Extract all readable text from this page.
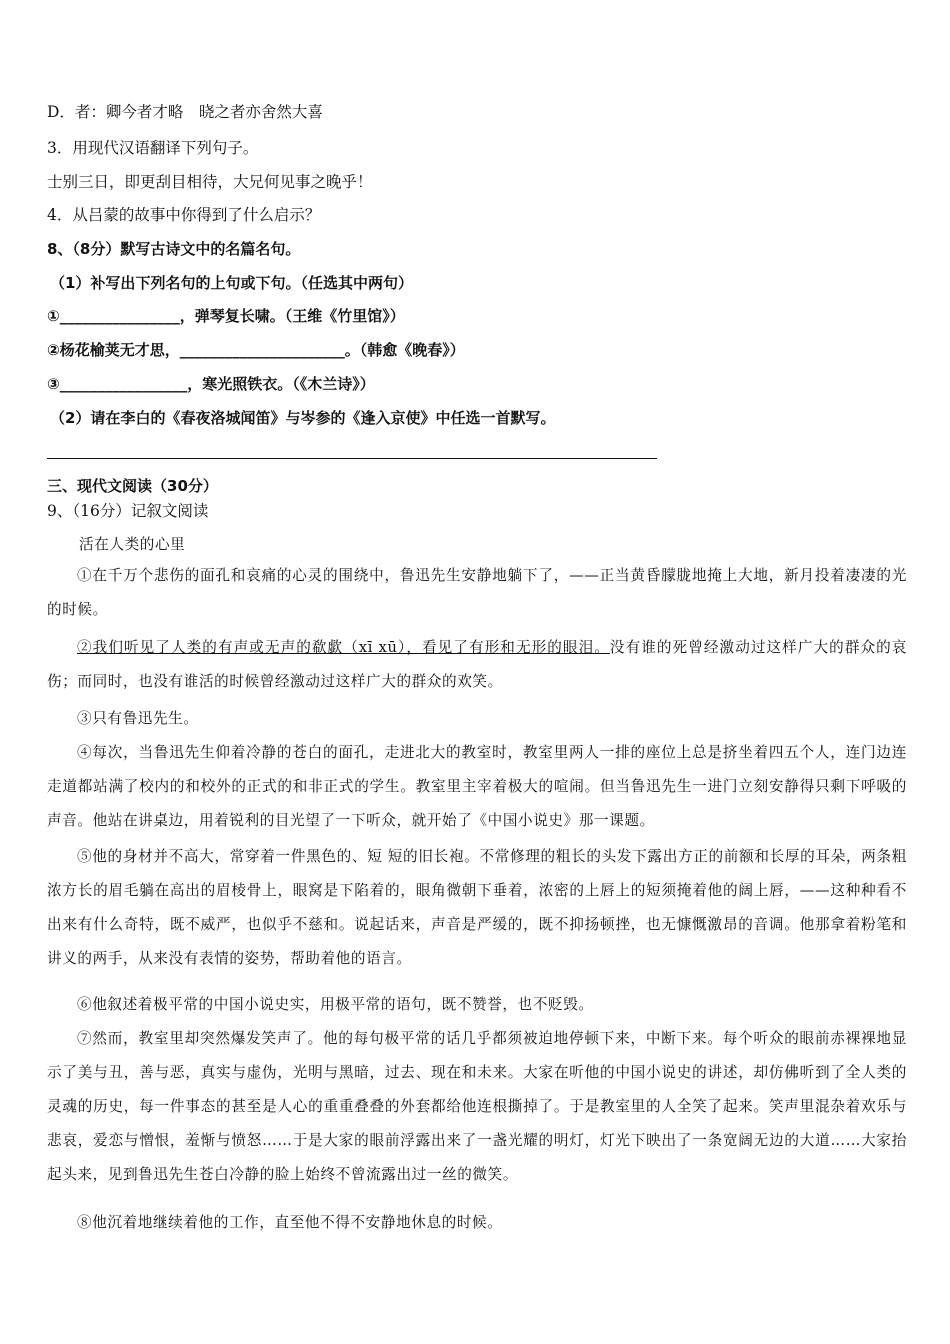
D．者：卿今者才略　晓之者亦舍然大喜
3．用现代汉语翻译下列句子。
士别三日，即更刮目相待，大兄何见事之晚乎！
4．从吕蒙的故事中你得到了什么启示？
8、（8分）默写古诗文中的名篇名句。
（1）补写出下列名句的上句或下句。（任选其中两句）
①________________，弹琴复长啸。（王维《竹里馆》）
②杨花榆荚无才思，______________________。（韩愈《晚春》）
③_________________，寒光照铁衣。（《木兰诗》）
（2）请在李白的《春夜洛城闻笛》与岑参的《逢入京使》中任选一首默写。
三、现代文阅读（30分）
9、（16分）记叙文阅读
活在人类的心里
①在千万个悲伤的面孔和哀痛的心灵的围绕中，鲁迅先生安静地躺下了，——正当黄昏朦胧地掩上大地，新月投着凄凄的光的时候。
②我们听见了人类的有声或无声的欷歔（xī xū），看见了有形和无形的眼泪。没有谁的死曾经激动过这样广大的群众的哀伤；而同时，也没有谁活的时候曾经激动过这样广大的群众的欢笑。
③只有鲁迅先生。
④每次，当鲁迅先生仰着冷静的苍白的面孔，走进北大的教室时，教室里两人一排的座位上总是挤坐着四五个人，连门边连走道都站满了校内的和校外的正式的和非正式的学生。教室里主宰着极大的喧闹。但当鲁迅先生一进门立刻安静得只剩下呼吸的声音。他站在讲桌边，用着锐利的目光望了一下听众，就开始了《中国小说史》那一课题。
⑤他的身材并不高大，常穿着一件黑色的、短 短的旧长袍。不常修理的粗长的头发下露出方正的前额和长厚的耳朵，两条粗浓方长的眉毛躺在高出的眉棱骨上，眼窝是下陷着的，眼角微朝下垂着，浓密的上唇上的短须掩着他的阔上唇，——这种种看不出来有什么奇特，既不威严，也似乎不慈和。说起话来，声音是严缓的，既不抑扬顿挫，也无慷慨激昂的音调。他那拿着粉笔和讲义的两手，从来没有表情的姿势，帮助着他的语言。
⑥他叙述着极平常的中国小说史实，用极平常的语句，既不赞誉，也不贬毁。
⑦然而，教室里却突然爆发笑声了。他的每句极平常的话几乎都须被迫地停顿下来，中断下来。每个听众的眼前赤裸裸地显示了美与丑，善与恶，真实与虚伪，光明与黑暗，过去、现在和未来。大家在听他的中国小说史的讲述，却仿佛听到了全人类的灵魂的历史，每一件事态的甚至是人心的重重叠叠的外套都给他连根撕掉了。于是教室里的人全笑了起来。笑声里混杂着欢乐与悲哀，爱恋与憎恨，羞惭与愤怒……于是大家的眼前浮露出来了一盏光耀的明灯，灯光下映出了一条宽阔无边的大道……大家抬起头来，见到鲁迅先生苍白冷静的脸上始终不曾流露出过一丝的微笑。
⑧他沉着地继续着他的工作，直至他不得不安静地休息的时候。
